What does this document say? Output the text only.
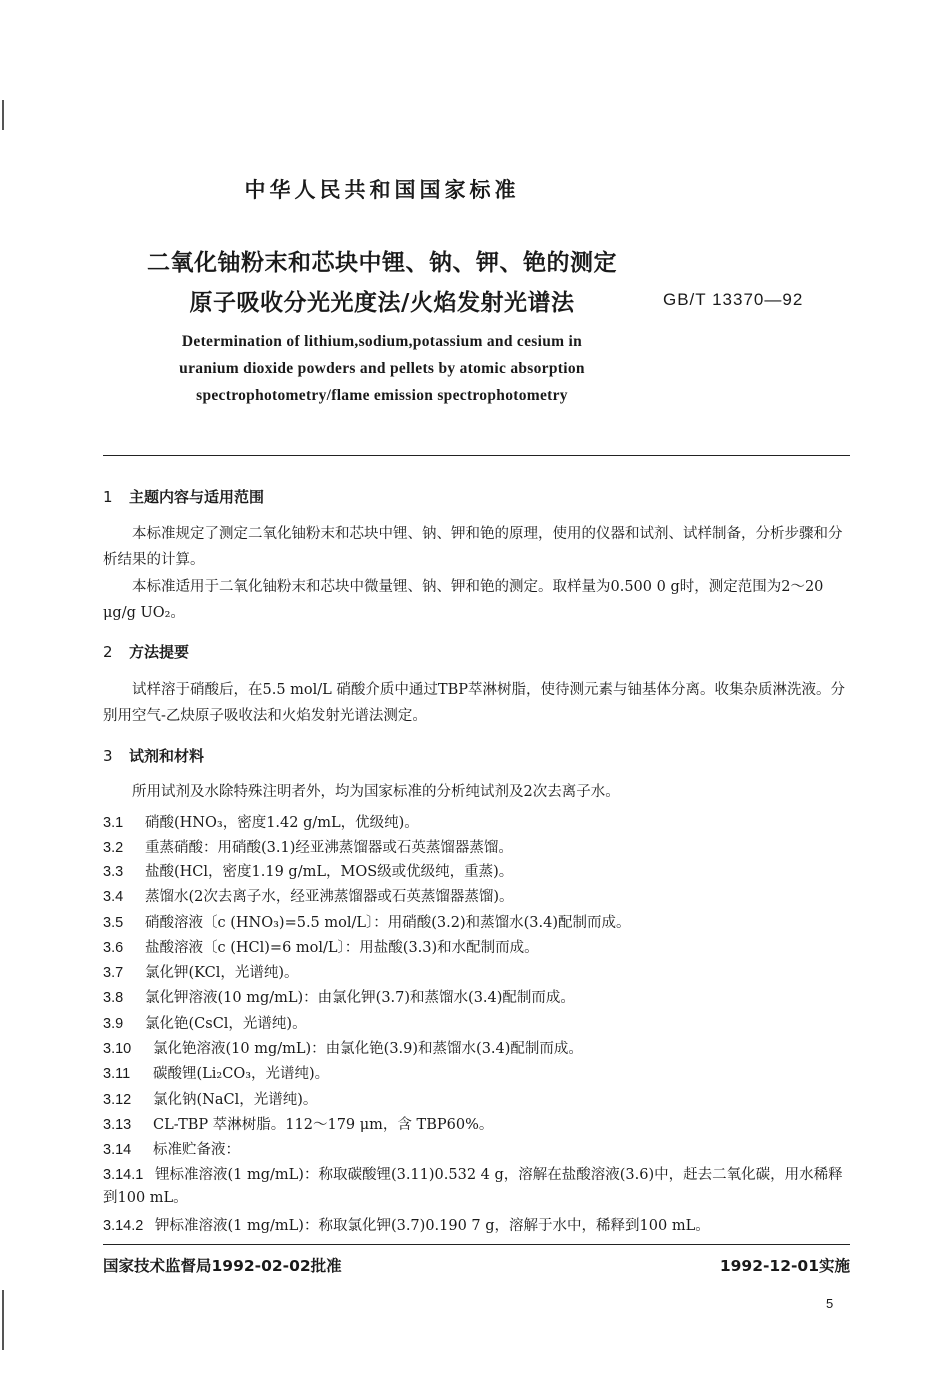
中华人民共和国国家标准
二氧化铀粉末和芯块中锂、钠、钾、铯的测定
原子吸收分光光度法/火焰发射光谱法	GB/T 13370—92
Determination of lithium,sodium,potassium and cesium in
uranium dioxide powders and pellets by atomic absorption
spectrophotometry/flame emission spectrophotometry
1 主题内容与适用范围
本标准规定了测定二氧化铀粉末和芯块中锂、钠、钾和铯的原理，使用的仪器和试剂、试样制备，分析步骤和分析结果的计算。
本标准适用于二氧化铀粉末和芯块中微量锂、钠、钾和铯的测定。取样量为0.500 0 g时，测定范围为2～20 μg/g UO₂。
2 方法提要
试样溶于硝酸后，在5.5 mol/L 硝酸介质中通过TBP萃淋树脂，使待测元素与铀基体分离。收集杂质淋洗液。分别用空气-乙炔原子吸收法和火焰发射光谱法测定。
3 试剂和材料
所用试剂及水除特殊注明者外，均为国家标准的分析纯试剂及2次去离子水。
3.1 硝酸(HNO₃，密度1.42 g/mL，优级纯)。
3.2 重蒸硝酸：用硝酸(3.1)经亚沸蒸馏器或石英蒸馏器蒸馏。
3.3 盐酸(HCl，密度1.19 g/mL，MOS级或优级纯，重蒸)。
3.4 蒸馏水(2次去离子水，经亚沸蒸馏器或石英蒸馏器蒸馏)。
3.5 硝酸溶液〔c (HNO₃)=5.5 mol/L〕：用硝酸(3.2)和蒸馏水(3.4)配制而成。
3.6 盐酸溶液〔c (HCl)=6 mol/L〕：用盐酸(3.3)和水配制而成。
3.7 氯化钾(KCl，光谱纯)。
3.8 氯化钾溶液(10 mg/mL)：由氯化钾(3.7)和蒸馏水(3.4)配制而成。
3.9 氯化铯(CsCl，光谱纯)。
3.10 氯化铯溶液(10 mg/mL)：由氯化铯(3.9)和蒸馏水(3.4)配制而成。
3.11 碳酸锂(Li₂CO₃，光谱纯)。
3.12 氯化钠(NaCl，光谱纯)。
3.13 CL-TBP 萃淋树脂。112～179 μm，含 TBP60%。
3.14 标准贮备液：
3.14.1 锂标准溶液(1 mg/mL)：称取碳酸锂(3.11)0.532 4 g，溶解在盐酸溶液(3.6)中，赶去二氧化碳，用水稀释到100 mL。
3.14.2 钾标准溶液(1 mg/mL)：称取氯化钾(3.7)0.190 7 g，溶解于水中，稀释到100 mL。
国家技术监督局1992-02-02批准	1992-12-01实施
5
